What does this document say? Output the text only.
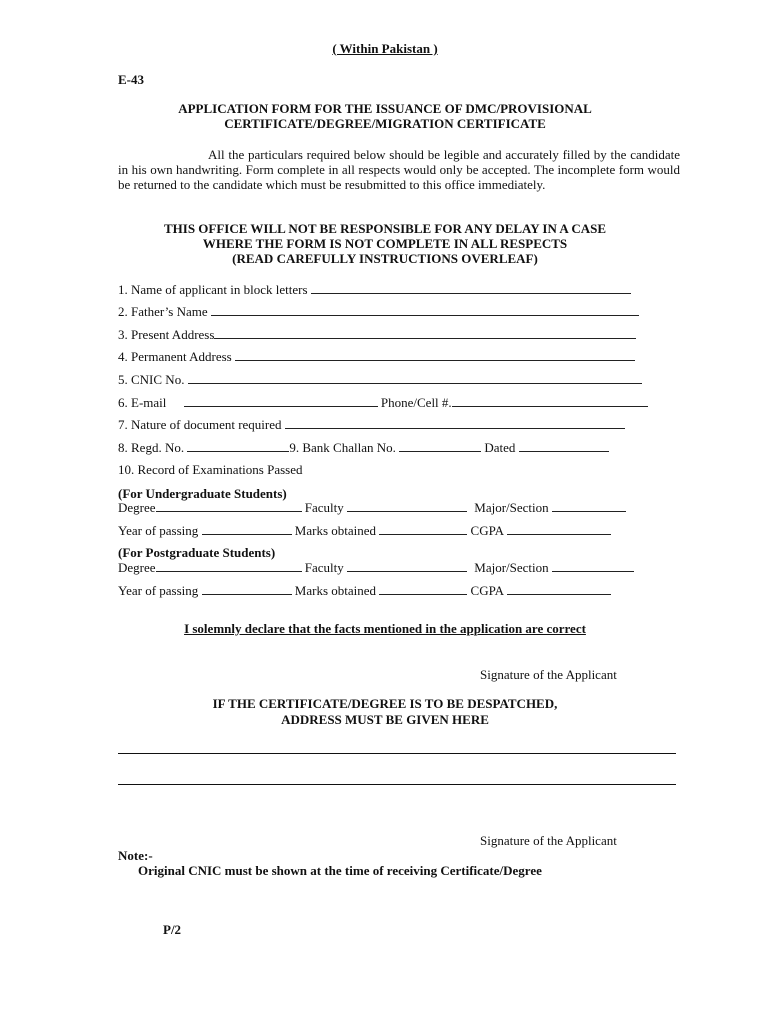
( Within Pakistan )
E-43
APPLICATION FORM FOR THE ISSUANCE OF DMC/PROVISIONAL
CERTIFICATE/DEGREE/MIGRATION CERTIFICATE
All the particulars required below should be legible and accurately filled by the candidate in his own handwriting. Form complete in all respects would only be accepted. The incomplete form would be returned to the candidate which must be resubmitted to this office immediately.
THIS OFFICE WILL NOT BE RESPONSIBLE FOR ANY DELAY IN A CASE
WHERE THE FORM IS NOT COMPLETE IN ALL RESPECTS
(READ CAREFULLY INSTRUCTIONS OVERLEAF)
1. Name of applicant in block letters
2. Father’s Name
3. Present Address
4. Permanent Address
5. CNIC No.
6. E-mail	Phone/Cell #.
7. Nature of document required
8. Regd. No.	9. Bank Challan No.	Dated
10. Record of Examinations Passed
(For Undergraduate Students)
Degree	Faculty	Major/Section
Year of passing	Marks obtained	CGPA
(For Postgraduate Students)
Degree	Faculty	Major/Section
Year of passing	Marks obtained	CGPA
I solemnly declare that the facts mentioned in the application are correct
Signature of the Applicant
IF THE CERTIFICATE/DEGREE IS TO BE DESPATCHED,
ADDRESS MUST BE GIVEN HERE
Signature of the Applicant
Note:-
Original CNIC must be shown at the time of receiving Certificate/Degree
P/2
